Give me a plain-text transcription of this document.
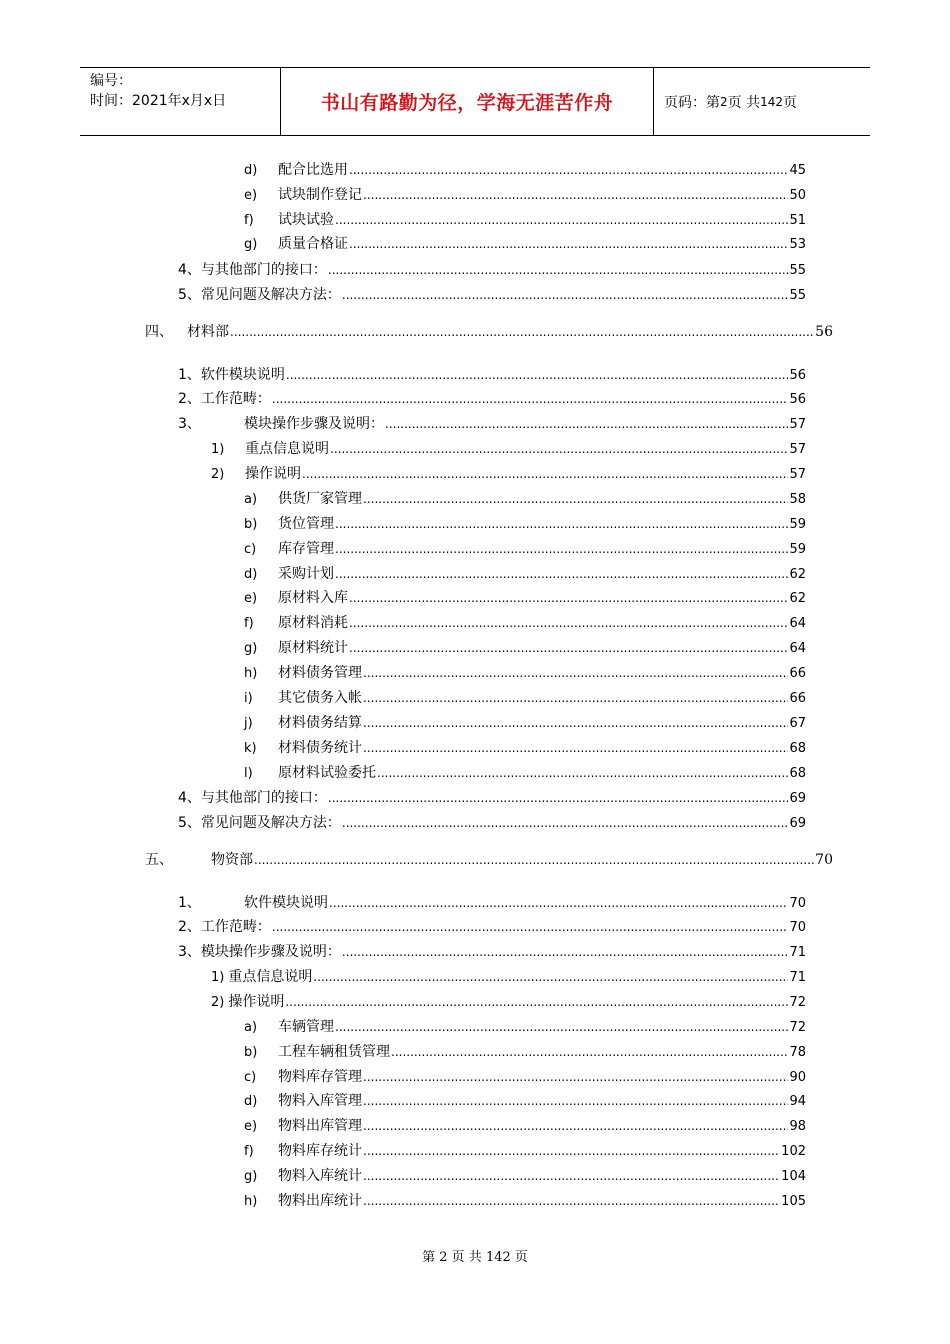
编号：
时间：2021年x月x日	书山有路勤为径，学海无涯苦作舟	页码：第 2 页 共 142 页
d)	配合比选用 .....	45
e)	试块制作登记 .....	50
f)	试块试验 .....	51
g)	质量合格证 .....	53
4、与其他部门的接口： .....	55
5、常见问题及解决方法： .....	55
四、	材料部 .....	56
1、软件模块说明 .....	56
2、工作范畴： .....	56
3、	模块操作步骤及说明： .....	57
1)	重点信息说明 .....	57
2)	操作说明 .....	57
a)	供货厂家管理 .....	58
b)	货位管理 .....	59
c)	库存管理 .....	59
d)	采购计划 .....	62
e)	原材料入库 .....	62
f)	原材料消耗 .....	64
g)	原材料统计 .....	64
h)	材料债务管理 .....	66
i)	其它债务入帐 .....	66
j)	材料债务结算 .....	67
k)	材料债务统计 .....	68
l)	原材料试验委托 .....	68
4、与其他部门的接口： .....	69
5、常见问题及解决方法： .....	69
五、	物资部 .....	70
1、	软件模块说明 .....	70
2、工作范畴： .....	70
3、模块操作步骤及说明： .....	71
1) 重点信息说明 .....	71
2) 操作说明 .....	72
a)	车辆管理 .....	72
b)	工程车辆租赁管理 .....	78
c)	物料库存管理 .....	90
d)	物料入库管理 .....	94
e)	物料出库管理 .....	98
f)	物料库存统计 .....	102
g)	物料入库统计 .....	104
h)	物料出库统计 .....	105
第 2 页 共 142 页
